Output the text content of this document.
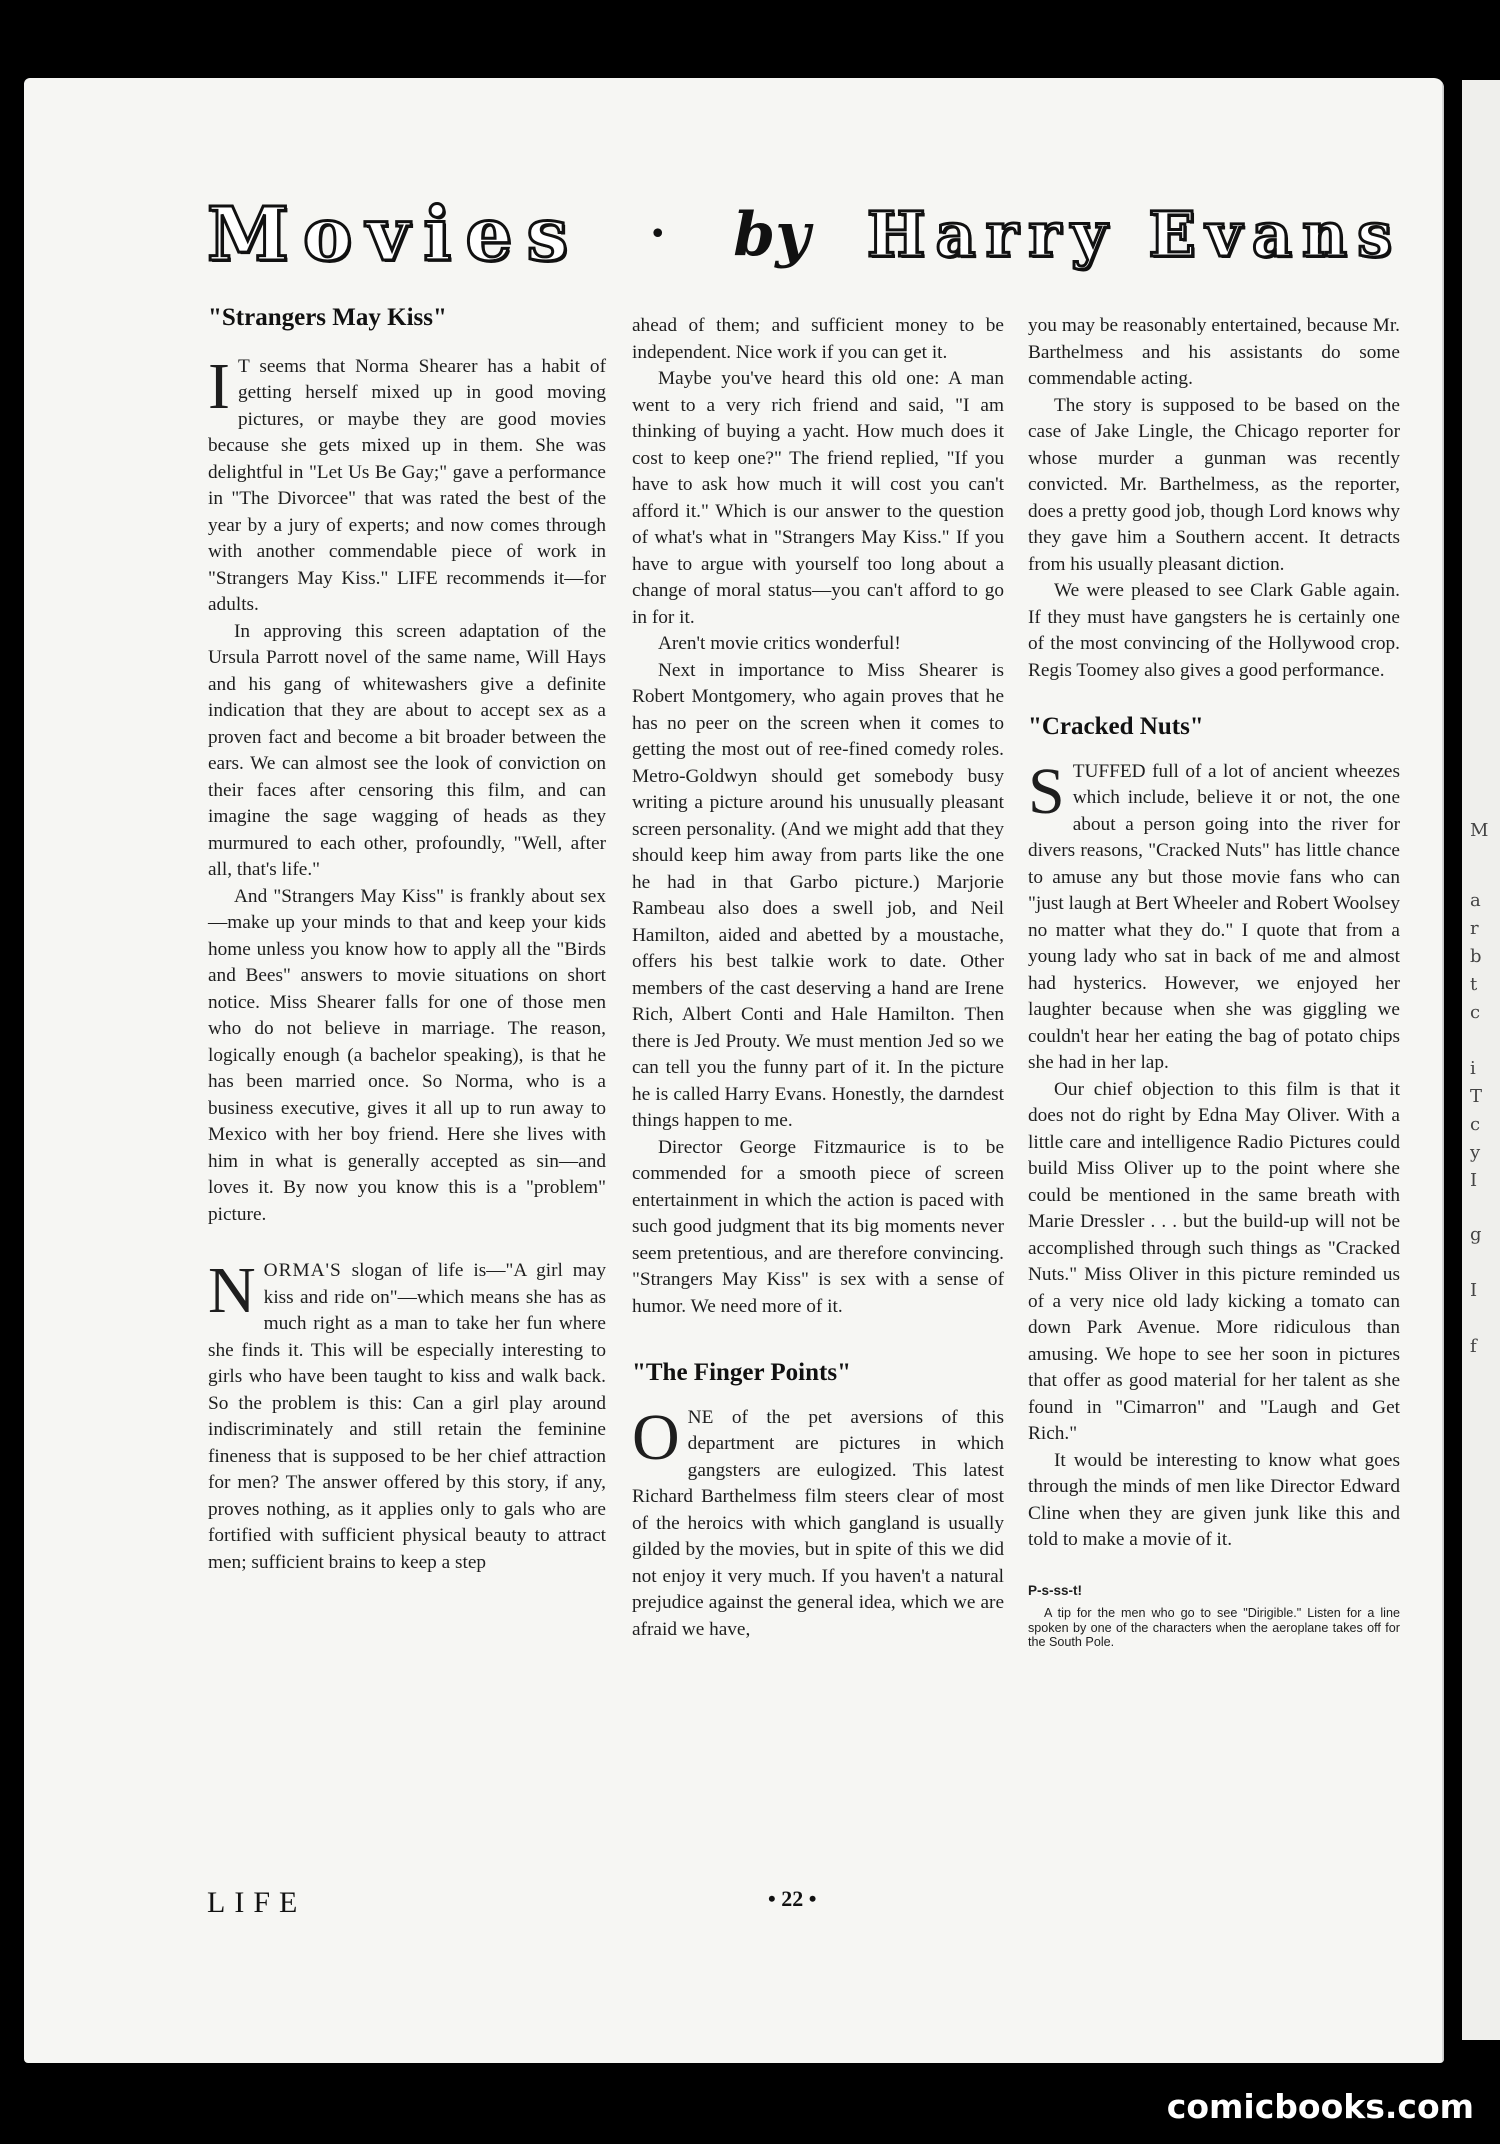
M
a
r
b
t
c
i
T
c
y
I
g
I
f
Movies • by Harry Evans
"Strangers May Kiss"

I T seems that Norma Shearer has a habit of getting herself mixed up in good moving pictures, or maybe they are good movies because she gets mixed up in them. She was delightful in "Let Us Be Gay;" gave a performance in "The Divorcee" that was rated the best of the year by a jury of experts; and now comes through with another commendable piece of work in "Strangers May Kiss." LIFE recommends it—for adults.

In approving this screen adaptation of the Ursula Parrott novel of the same name, Will Hays and his gang of whitewashers give a definite indication that they are about to accept sex as a proven fact and become a bit broader between the ears. We can almost see the look of conviction on their faces after censoring this film, and can imagine the sage wagging of heads as they murmured to each other, profoundly, "Well, after all, that's life."

And "Strangers May Kiss" is frankly about sex—make up your minds to that and keep your kids home unless you know how to apply all the "Birds and Bees" answers to movie situations on short notice. Miss Shearer falls for one of those men who do not believe in marriage. The reason, logically enough (a bachelor speaking), is that he has been married once. So Norma, who is a business executive, gives it all up to run away to Mexico with her boy friend. Here she lives with him in what is generally accepted as sin—and loves it. By now you know this is a "problem" picture.

NORMA'S slogan of life is—"A girl may kiss and ride on"—which means she has as much right as a man to take her fun where she finds it. This will be especially interesting to girls who have been taught to kiss and walk back. So the problem is this: Can a girl play around indiscriminately and still retain the feminine fineness that is supposed to be her chief attraction for men? The answer offered by this story, if any, proves nothing, as it applies only to gals who are fortified with sufficient physical beauty to attract men; sufficient brains to keep a step

ahead of them; and sufficient money to be independent. Nice work if you can get it.

Maybe you've heard this old one: A man went to a very rich friend and said, "I am thinking of buying a yacht. How much does it cost to keep one?" The friend replied, "If you have to ask how much it will cost you can't afford it." Which is our answer to the question of what's what in "Strangers May Kiss." If you have to argue with yourself too long about a change of moral status—you can't afford to go in for it.

Aren't movie critics wonderful!

Next in importance to Miss Shearer is Robert Montgomery, who again proves that he has no peer on the screen when it comes to getting the most out of ree-fined comedy roles. Metro-Goldwyn should get somebody busy writing a picture around his unusually pleasant screen personality. (And we might add that they should keep him away from parts like the one he had in that Garbo picture.) Marjorie Rambeau also does a swell job, and Neil Hamilton, aided and abetted by a moustache, offers his best talkie work to date. Other members of the cast deserving a hand are Irene Rich, Albert Conti and Hale Hamilton. Then there is Jed Prouty. We must mention Jed so we can tell you the funny part of it. In the picture he is called Harry Evans. Honestly, the darndest things happen to me.

Director George Fitzmaurice is to be commended for a smooth piece of screen entertainment in which the action is paced with such good judgment that its big moments never seem pretentious, and are therefore convincing. "Strangers May Kiss" is sex with a sense of humor. We need more of it.

"The Finger Points"

ONE of the pet aversions of this department are pictures in which gangsters are eulogized. This latest Richard Barthelmess film steers clear of most of the heroics with which gangland is usually gilded by the movies, but in spite of this we did not enjoy it very much. If you haven't a natural prejudice against the general idea, which we are afraid we have,

you may be reasonably entertained, because Mr. Barthelmess and his assistants do some commendable acting.

The story is supposed to be based on the case of Jake Lingle, the Chicago reporter for whose murder a gunman was recently convicted. Mr. Barthelmess, as the reporter, does a pretty good job, though Lord knows why they gave him a Southern accent. It detracts from his usually pleasant diction.

We were pleased to see Clark Gable again. If they must have gangsters he is certainly one of the most convincing of the Hollywood crop. Regis Toomey also gives a good performance.

"Cracked Nuts"

STUFFED full of a lot of ancient wheezes which include, believe it or not, the one about a person going into the river for divers reasons, "Cracked Nuts" has little chance to amuse any but those movie fans who can "just laugh at Bert Wheeler and Robert Woolsey no matter what they do." I quote that from a young lady who sat in back of me and almost had hysterics. However, we enjoyed her laughter because when she was giggling we couldn't hear her eating the bag of potato chips she had in her lap.

Our chief objection to this film is that it does not do right by Edna May Oliver. With a little care and intelligence Radio Pictures could build Miss Oliver up to the point where she could be mentioned in the same breath with Marie Dressler . . . but the build-up will not be accomplished through such things as "Cracked Nuts." Miss Oliver in this picture reminded us of a very nice old lady kicking a tomato can down Park Avenue. More ridiculous than amusing. We hope to see her soon in pictures that offer as good material for her talent as she found in "Cimarron" and "Laugh and Get Rich."

It would be interesting to know what goes through the minds of men like Director Edward Cline when they are given junk like this and told to make a movie of it.

P-s-ss-t!
A tip for the men who go to see "Dirigible." Listen for a line spoken by one of the characters when the aeroplane takes off for the South Pole.
LIFE	• 22 •
comicbooks.com
